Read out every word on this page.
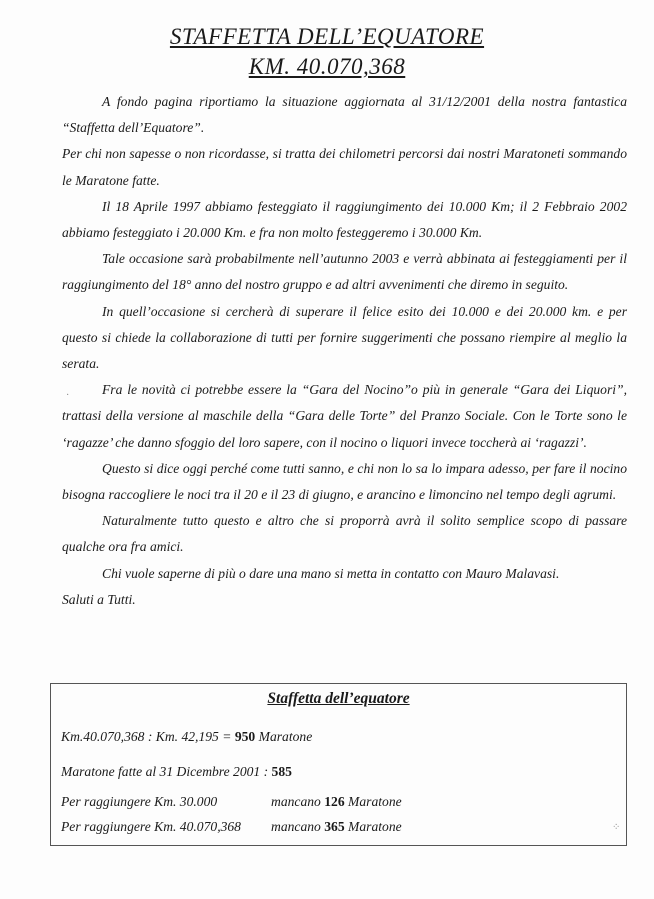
STAFFETTA DELL’EQUATORE
KM. 40.070,368

A fondo pagina riportiamo la situazione aggiornata al 31/12/2001 della nostra fantastica “Staffetta dell’Equatore”.

Per chi non sapesse o non ricordasse, si tratta dei chilometri percorsi dai nostri Maratoneti sommando le Maratone fatte.

Il 18 Aprile 1997 abbiamo festeggiato il raggiungimento dei 10.000 Km; il 2 Febbraio 2002 abbiamo festeggiato i 20.000 Km. e fra non molto festeggeremo i 30.000 Km.

Tale occasione sarà probabilmente nell’autunno 2003 e verrà abbinata ai festeggiamenti per il raggiungimento del 18° anno del nostro gruppo e ad altri avvenimenti che diremo in seguito.

In quell’occasione si cercherà di superare il felice esito dei 10.000 e dei 20.000 km. e per questo si chiede la collaborazione di tutti per fornire suggerimenti che possano riempire al meglio la serata.

Fra le novità ci potrebbe essere la “Gara del Nocino”o più in generale “Gara dei Liquori”, trattasi della versione al maschile della “Gara delle Torte” del Pranzo Sociale. Con le Torte sono le ‘ragazze’ che danno sfoggio del loro sapere, con il nocino o liquori invece toccherà ai ‘ragazzi’.

Questo si dice oggi perché come tutti sanno, e chi non lo sa lo impara adesso, per fare il nocino bisogna raccogliere le noci tra il 20 e il 23 di giugno, e arancino e limoncino nel tempo degli agrumi.

Naturalmente tutto questo e altro che si proporrà avrà il solito semplice scopo di passare qualche ora fra amici.

Chi vuole saperne di più o dare una mano si metta in contatto con Mauro Malavasi.

Saluti a Tutti.

Staffetta dell’equatore
Km.40.070,368 : Km. 42,195 = 950 Maratone
Maratone fatte al 31 Dicembre 2001 : 585
Per raggiungere Km. 30.000	mancano 126 Maratone
Per raggiungere Km. 40.070,368 mancano 365 Maratone	⁘
·
